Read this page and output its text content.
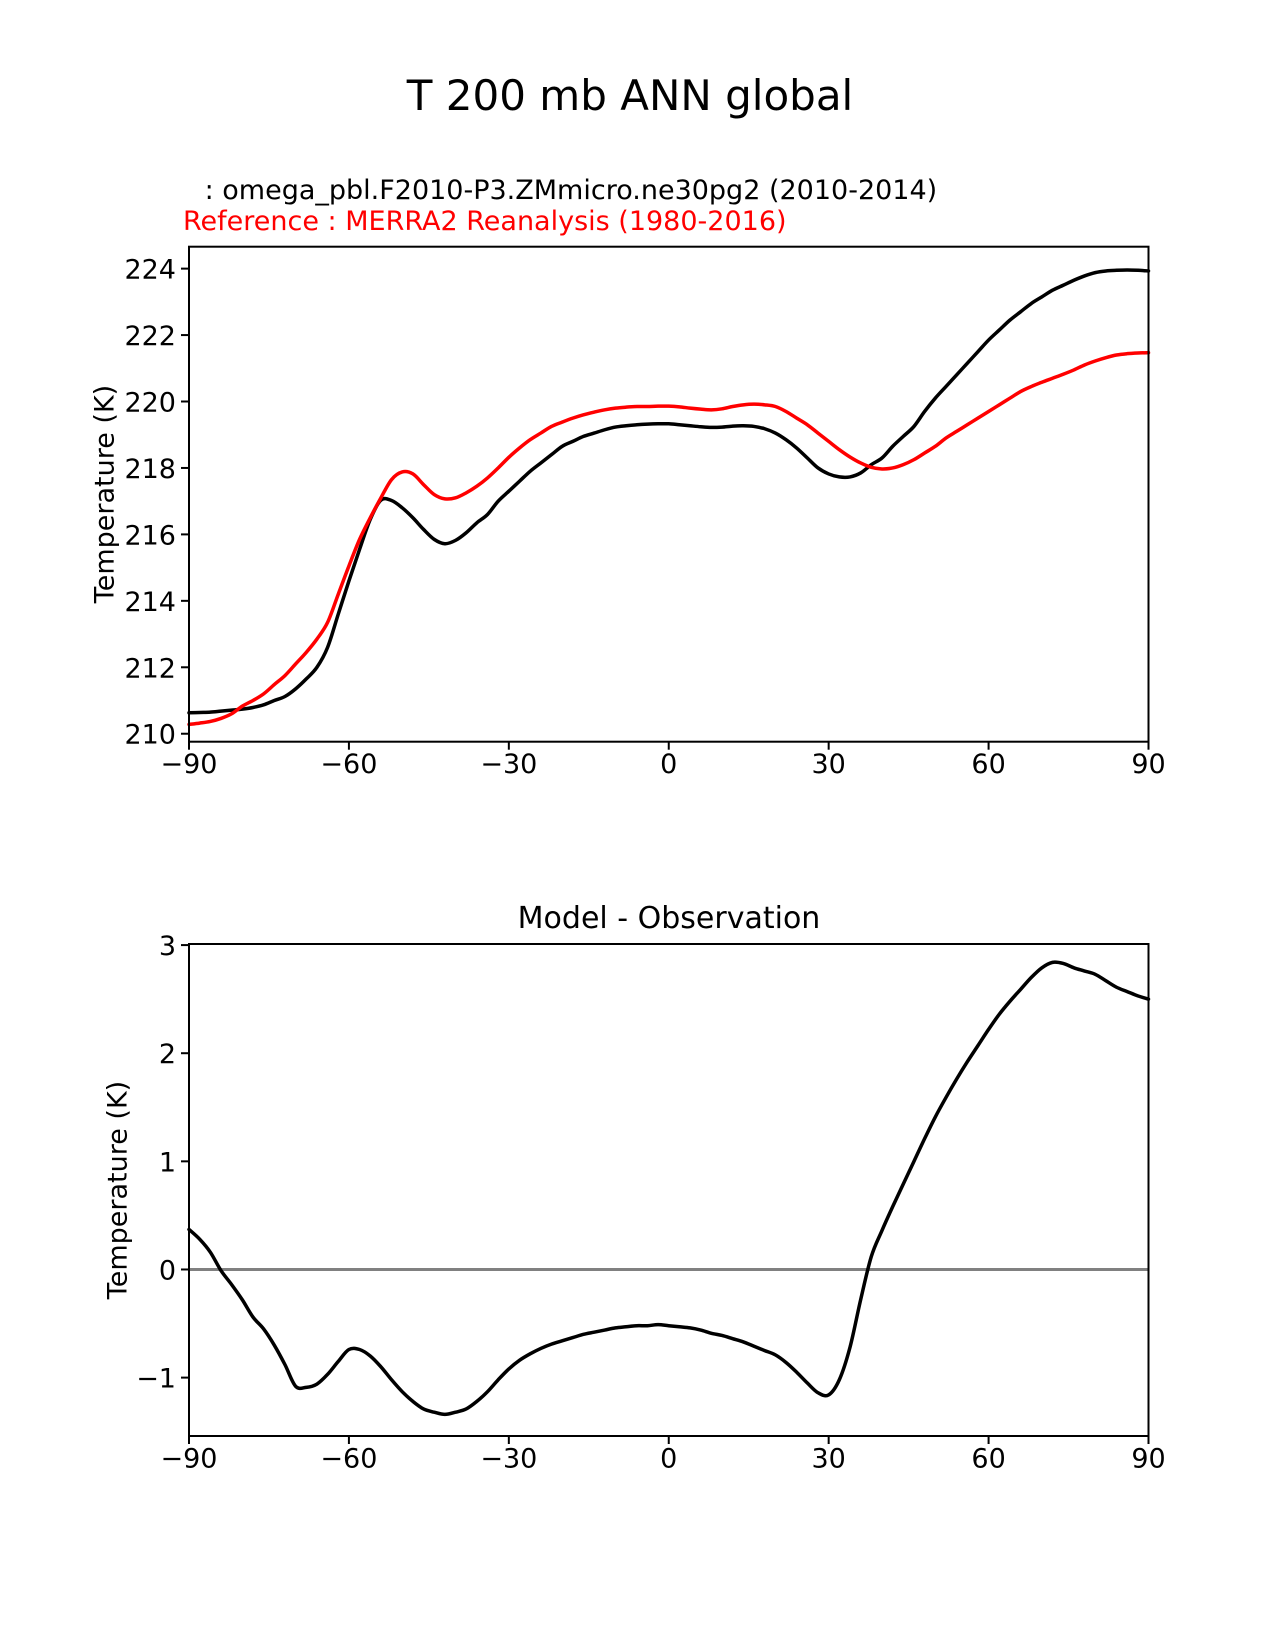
T 200 mb ANN global
: omega_pbl.F2010-P3.ZMmicro.ne30pg2 (2010-2014)
Reference : MERRA2 Reanalysis (1980-2016)
Temperature (K)
Temperature (K)
Model - Observation
−90	−60	−30	0	30	60	90
210
212
214
216
218
220
222
224
−90	−60	−30	0	30	60	90
−1
0
1
2
3
